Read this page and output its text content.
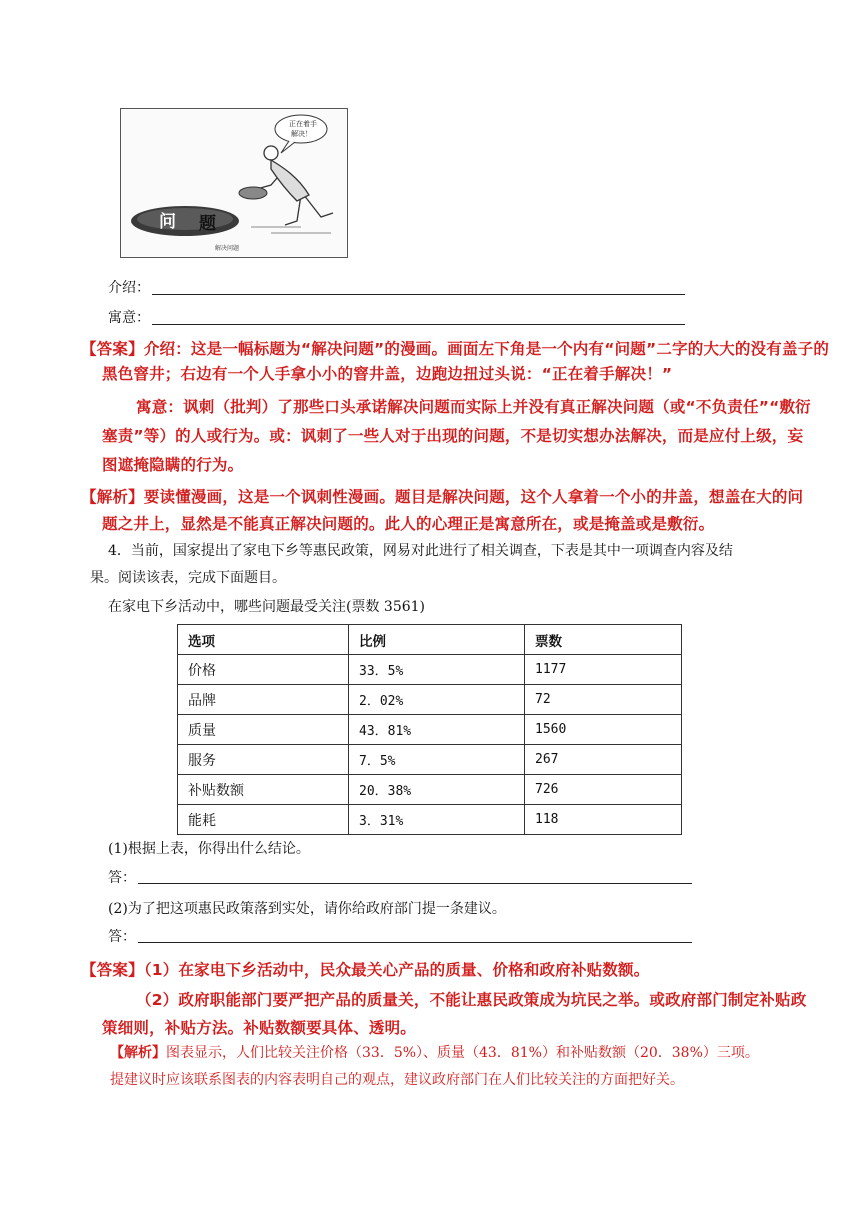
正在着手
解决！
问 题
解决问题
介绍：
寓意：
【答案】介绍：这是一幅标题为“解决问题”的漫画。画面左下角是一个内有“问题”二字的大大的没有盖子的
黑色窨井；右边有一个人手拿小小的窨井盖，边跑边扭过头说：“正在着手解决！”
寓意：讽刺（批判）了那些口头承诺解决问题而实际上并没有真正解决问题（或“不负责任”“敷衍
塞责”等）的人或行为。或：讽刺了一些人对于出现的问题，不是切实想办法解决，而是应付上级，妄
图遮掩隐瞒的行为。
【解析】要读懂漫画，这是一个讽刺性漫画。题目是解决问题，这个人拿着一个小的井盖，想盖在大的问
题之井上，显然是不能真正解决问题的。此人的心理正是寓意所在，或是掩盖或是敷衍。
4．当前，国家提出了家电下乡等惠民政策，网易对此进行了相关调查，下表是其中一项调查内容及结
果。阅读该表，完成下面题目。
在家电下乡活动中，哪些问题最受关注(票数 3561)
选项	比例	票数
价格	33．5%	1177
品牌	2．02%	72
质量	43．81%	1560
服务	7．5%	267
补贴数额	20．38%	726
能耗	3．31%	118
(1)根据上表，你得出什么结论。
答：
(2)为了把这项惠民政策落到实处，请你给政府部门提一条建议。
答：
【答案】（1）在家电下乡活动中，民众最关心产品的质量、价格和政府补贴数额。
（2）政府职能部门要严把产品的质量关，不能让惠民政策成为坑民之举。或政府部门制定补贴政
策细则，补贴方法。补贴数额要具体、透明。
【解析】图表显示，人们比较关注价格（33．5%）、质量（43．81%）和补贴数额（20．38%）三项。
提建议时应该联系图表的内容表明自己的观点，建议政府部门在人们比较关注的方面把好关。
